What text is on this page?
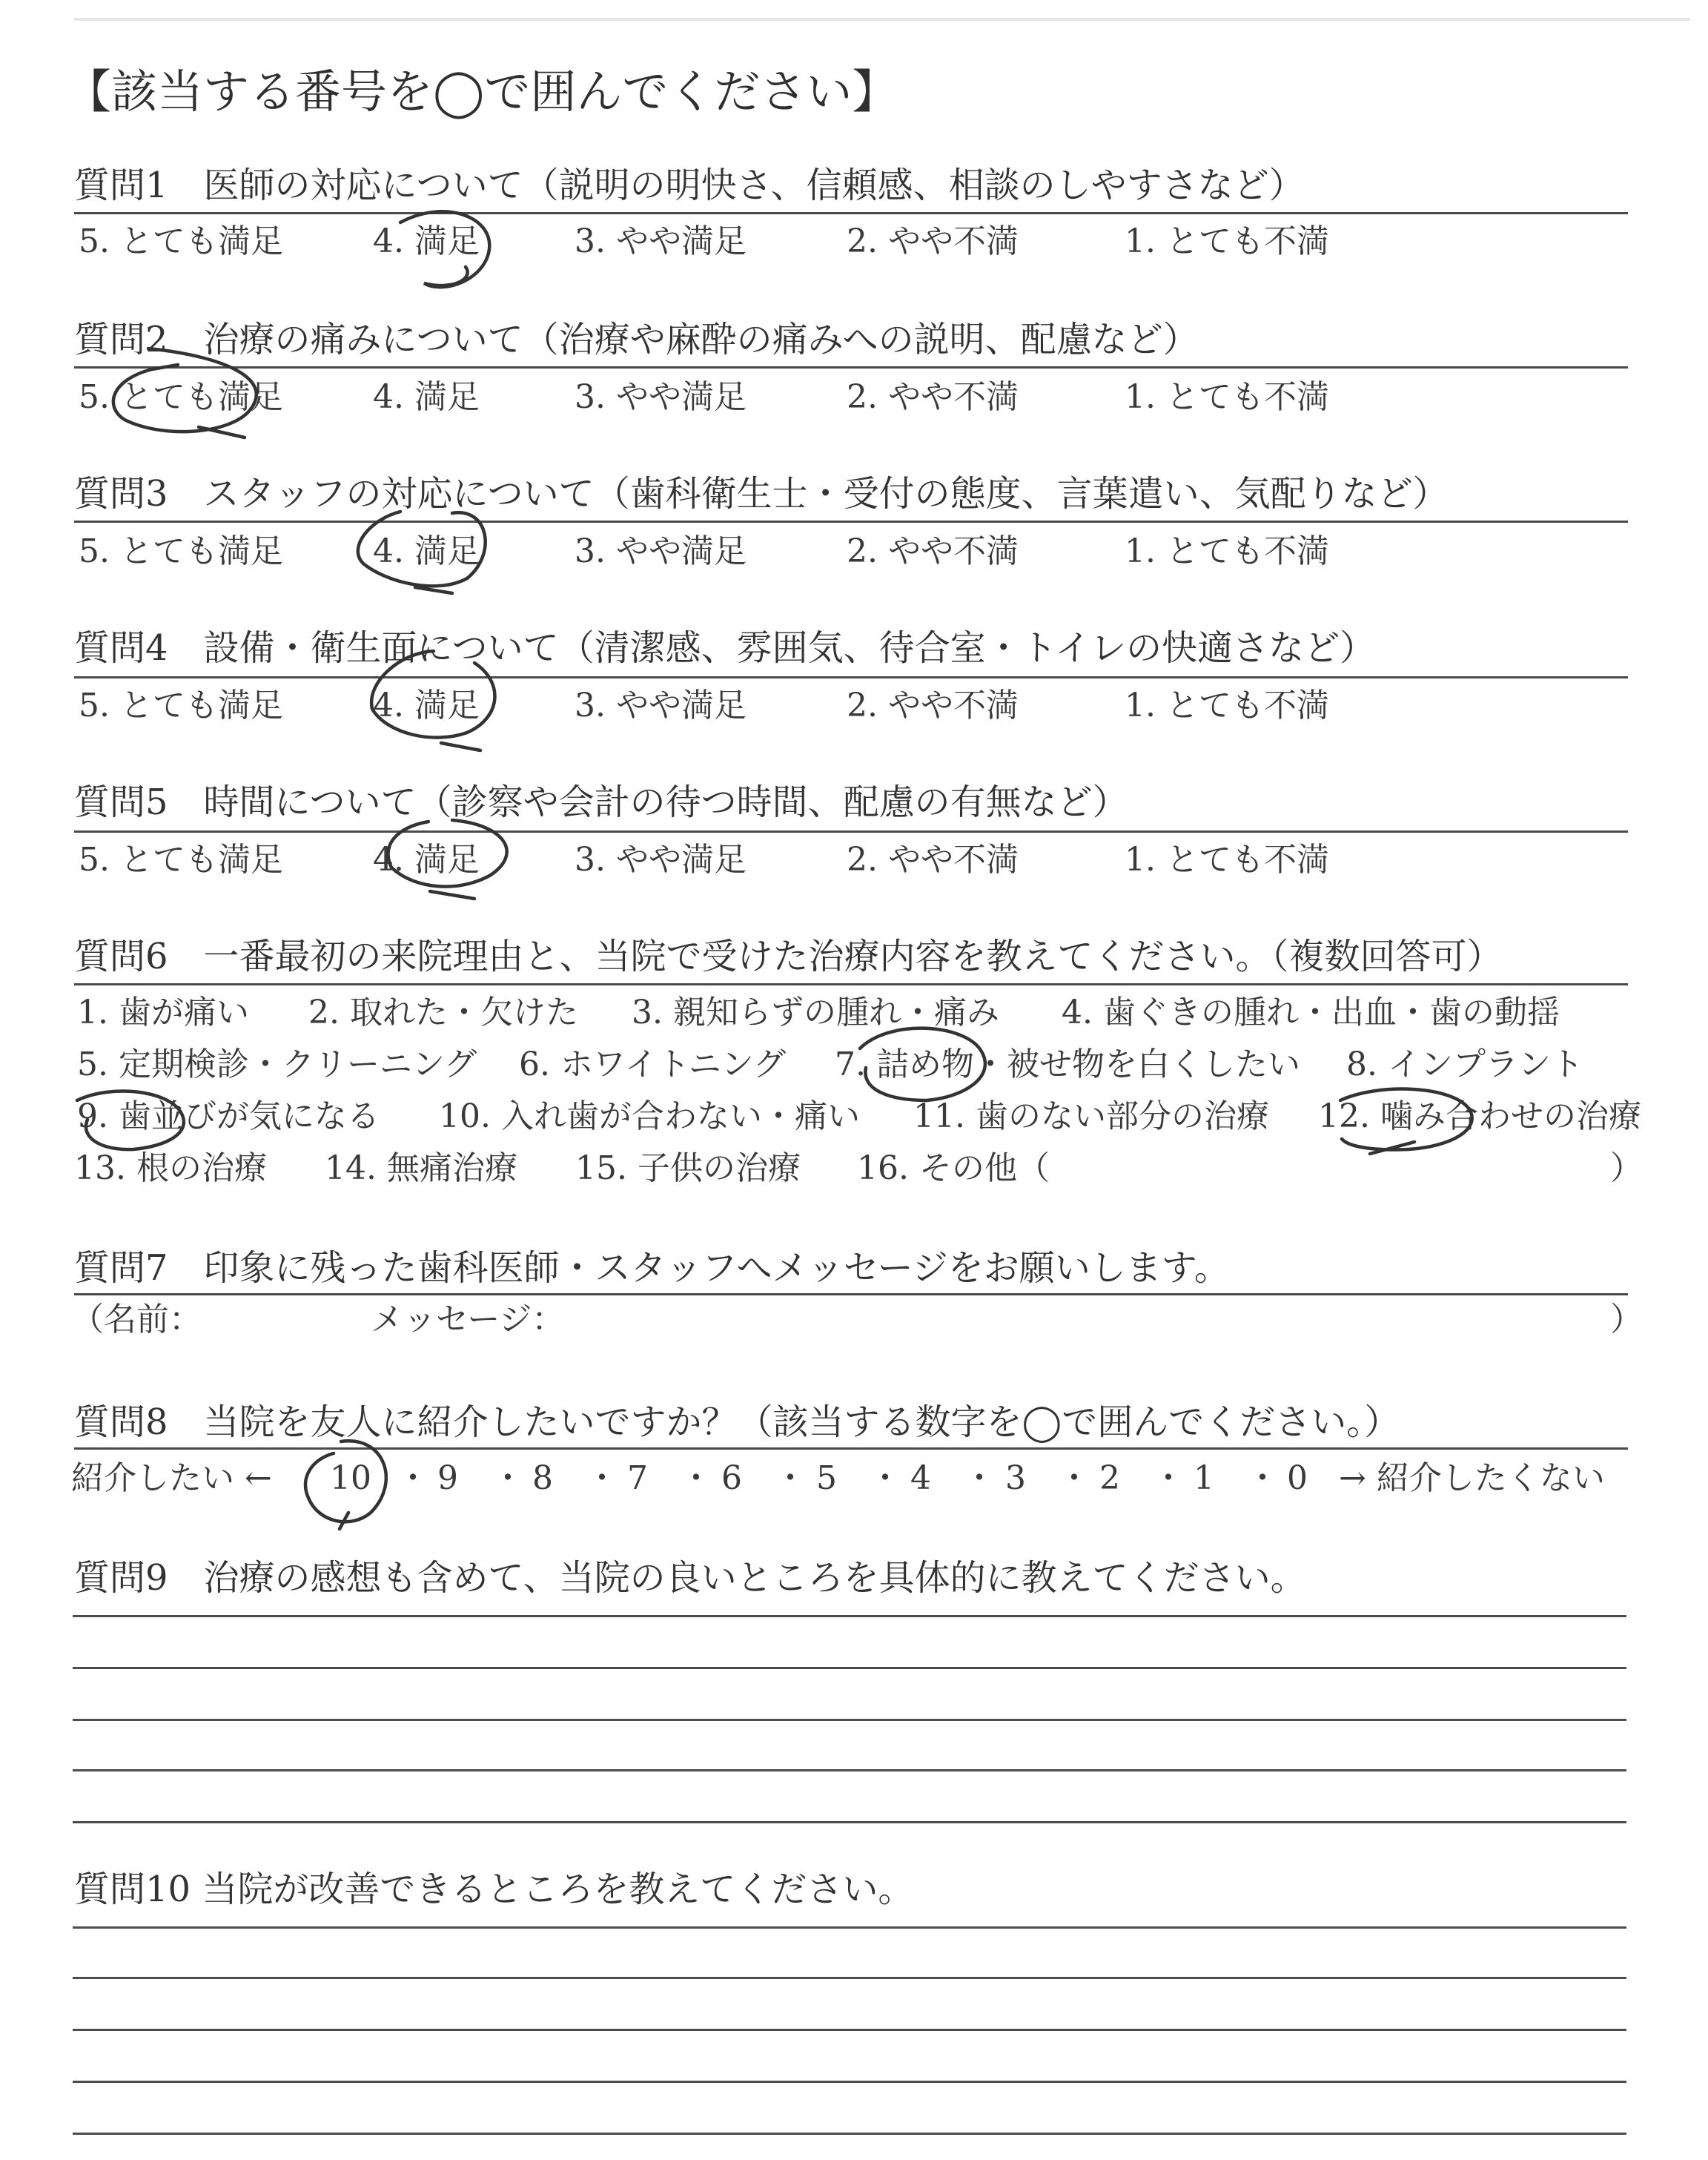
【該当する番号を◯で囲んでください】
質問1　医師の対応について（説明の明快さ、信頼感、相談のしやすさなど）
5. とても満足	4. 満足	3. やや満足	2. やや不満	1. とても不満
質問2　治療の痛みについて（治療や麻酔の痛みへの説明、配慮など）
5. とても満足	4. 満足	3. やや満足	2. やや不満	1. とても不満
質問3　スタッフの対応について（歯科衛生士・受付の態度、言葉遣い、気配りなど）
5. とても満足	4. 満足	3. やや満足	2. やや不満	1. とても不満
質問4　設備・衛生面について（清潔感、雰囲気、待合室・トイレの快適さなど）
5. とても満足	4. 満足	3. やや満足	2. やや不満	1. とても不満
質問5　時間について（診察や会計の待つ時間、配慮の有無など）
5. とても満足	4. 満足	3. やや満足	2. やや不満	1. とても不満
質問6　一番最初の来院理由と、当院で受けた治療内容を教えてください。（複数回答可）
1. 歯が痛い 2. 取れた・欠けた 3. 親知らずの腫れ・痛み 4. 歯ぐきの腫れ・出血・歯の動揺
5. 定期検診・クリーニング 6. ホワイトニング 7. 詰め物・被せ物を白くしたい 8. インプラント
9. 歯並びが気になる 10. 入れ歯が合わない・痛い 11. 歯のない部分の治療 12. 噛み合わせの治療
13. 根の治療 14. 無痛治療 15. 子供の治療 16. その他（	）
質問7　印象に残った歯科医師・スタッフへメッセージをお願いします。
（名前：	メッセージ：	）
質問8　当院を友人に紹介したいですか？（該当する数字を◯で囲んでください。）
紹介したい ← 10 ・ 9	・ 8	・ 7 ・ 6 ・ 5 ・ 4 ・ 3 ・ 2 ・ 1 ・ 0 → 紹介したくない
質問9　治療の感想も含めて、当院の良いところを具体的に教えてください。
質問10 当院が改善できるところを教えてください。
